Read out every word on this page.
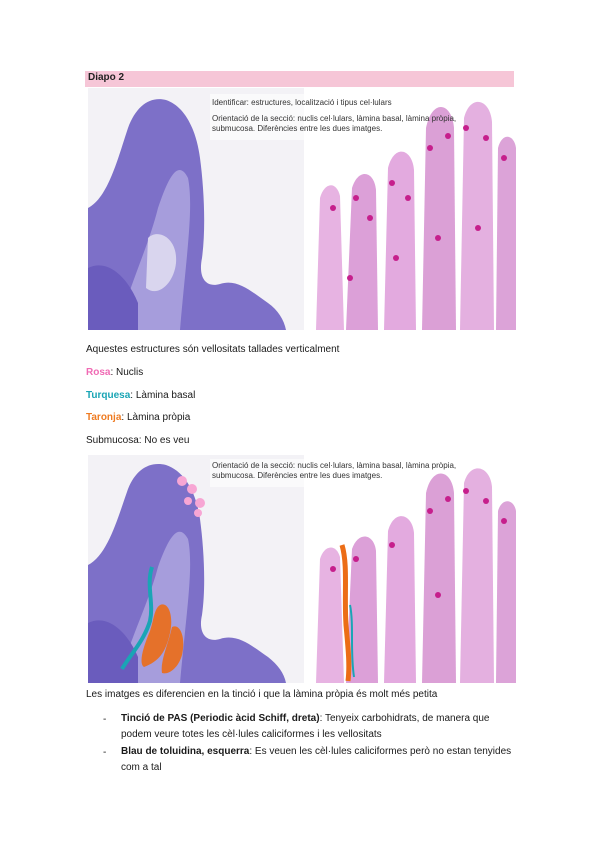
Diapo 2
Identificar: estructures, localització i tipus cel·lulars
Orientació de la secció: nuclis cel·lulars, làmina basal, làmina pròpia,
submucosa. Diferències entre les dues imatges.
Aquestes estructures són vellositats tallades verticalment
Rosa: Nuclis
Turquesa: Làmina basal
Taronja: Làmina pròpia
Submucosa: No es veu
Orientació de la secció: nuclis cel·lulars, làmina basal, làmina pròpia,
submucosa. Diferències entre les dues imatges.
Les imatges es diferencien en la tinció i que la làmina pròpia és molt més petita
- Tinció de PAS (Periodic àcid Schiff, dreta): Tenyeix carbohidrats, de manera que podem veure totes les cèl·lules caliciformes i les vellositats
- Blau de toluidina, esquerra: Es veuen les cèl·lules caliciformes però no estan tenyides com a tal
